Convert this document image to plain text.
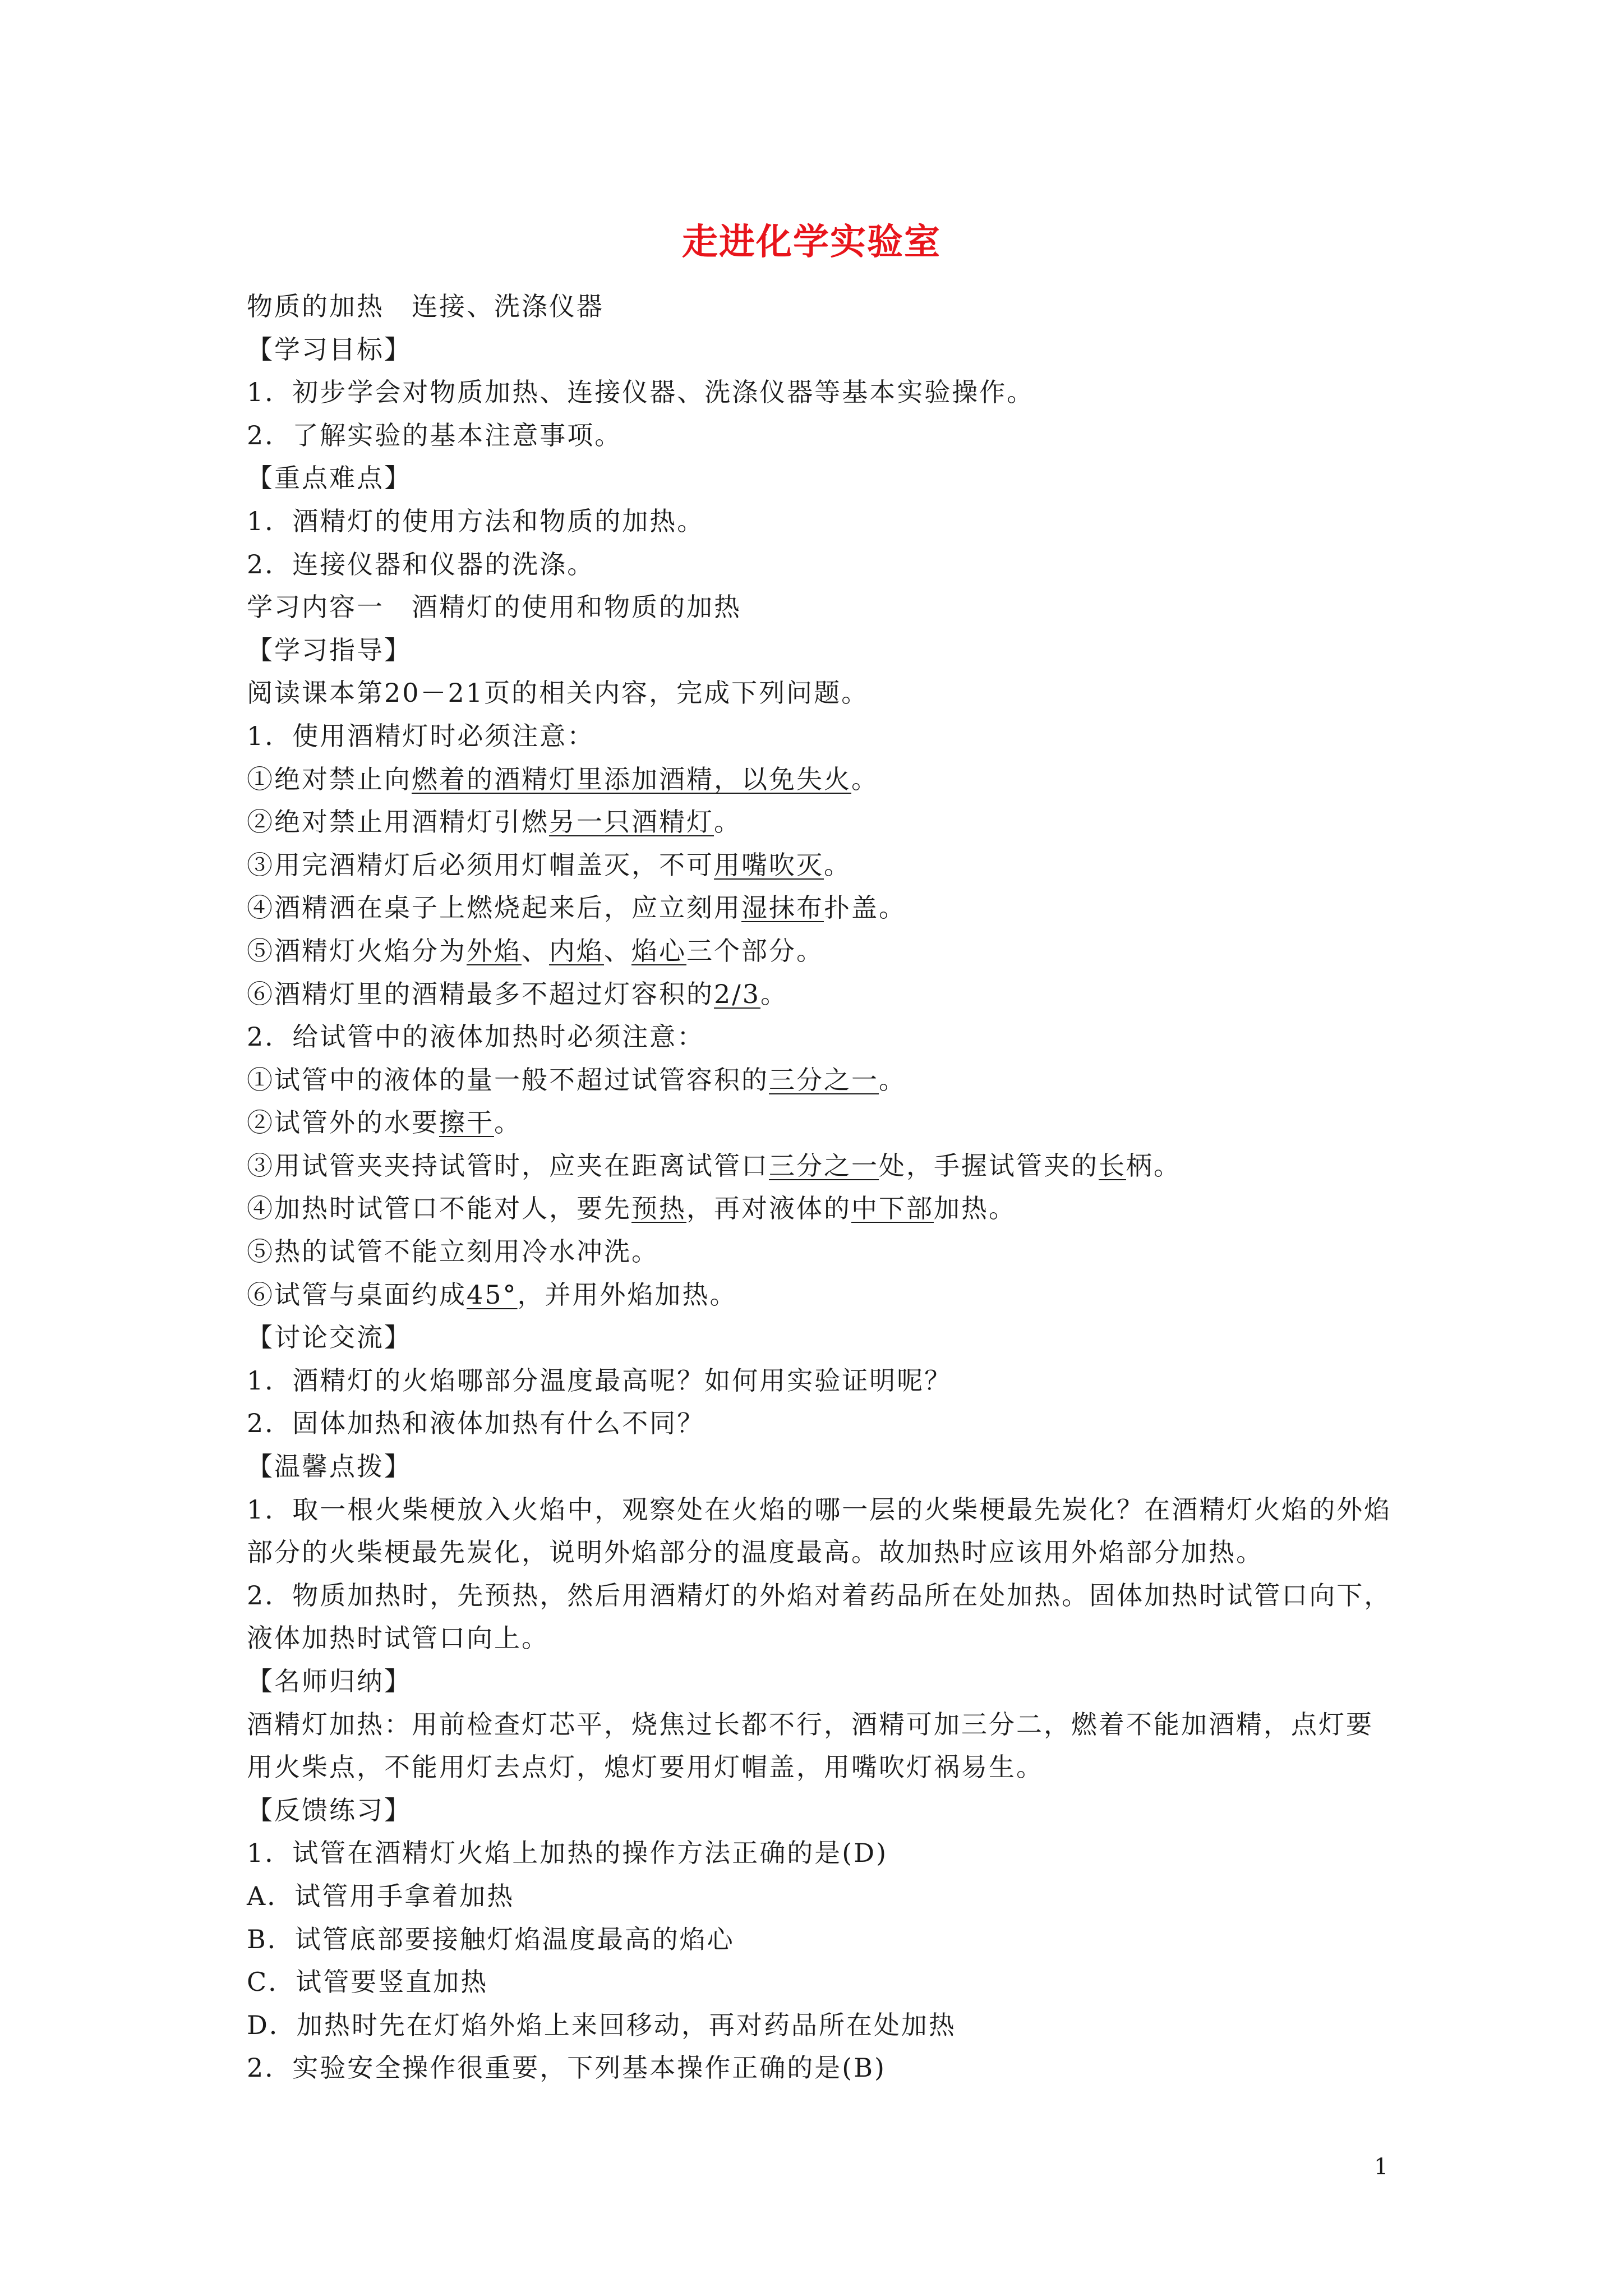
走进化学实验室
物质的加热　连接、洗涤仪器
【学习目标】
1．初步学会对物质加热、连接仪器、洗涤仪器等基本实验操作。
2．了解实验的基本注意事项。
【重点难点】
1．酒精灯的使用方法和物质的加热。
2．连接仪器和仪器的洗涤。
学习内容一　酒精灯的使用和物质的加热
【学习指导】
阅读课本第20－21页的相关内容，完成下列问题。
1．使用酒精灯时必须注意：
①绝对禁止向燃着的酒精灯里添加酒精，以免失火。
②绝对禁止用酒精灯引燃另一只酒精灯。
③用完酒精灯后必须用灯帽盖灭，不可用嘴吹灭。
④酒精洒在桌子上燃烧起来后，应立刻用湿抹布扑盖。
⑤酒精灯火焰分为外焰、内焰、焰心三个部分。
⑥酒精灯里的酒精最多不超过灯容积的2/3。
2．给试管中的液体加热时必须注意：
①试管中的液体的量一般不超过试管容积的三分之一。
②试管外的水要擦干。
③用试管夹夹持试管时，应夹在距离试管口三分之一处，手握试管夹的长柄。
④加热时试管口不能对人，要先预热，再对液体的中下部加热。
⑤热的试管不能立刻用冷水冲洗。
⑥试管与桌面约成45°，并用外焰加热。
【讨论交流】
1．酒精灯的火焰哪部分温度最高呢？如何用实验证明呢？
2．固体加热和液体加热有什么不同？
【温馨点拨】
1．取一根火柴梗放入火焰中，观察处在火焰的哪一层的火柴梗最先炭化？在酒精灯火焰的外焰部分的火柴梗最先炭化，说明外焰部分的温度最高。故加热时应该用外焰部分加热。
2．物质加热时，先预热，然后用酒精灯的外焰对着药品所在处加热。固体加热时试管口向下，液体加热时试管口向上。
【名师归纳】
酒精灯加热：用前检查灯芯平，烧焦过长都不行，酒精可加三分二，燃着不能加酒精，点灯要用火柴点，不能用灯去点灯，熄灯要用灯帽盖，用嘴吹灯祸易生。
【反馈练习】
1．试管在酒精灯火焰上加热的操作方法正确的是(D)
A．试管用手拿着加热
B．试管底部要接触灯焰温度最高的焰心
C．试管要竖直加热
D．加热时先在灯焰外焰上来回移动，再对药品所在处加热
2．实验安全操作很重要，下列基本操作正确的是(B)
1
